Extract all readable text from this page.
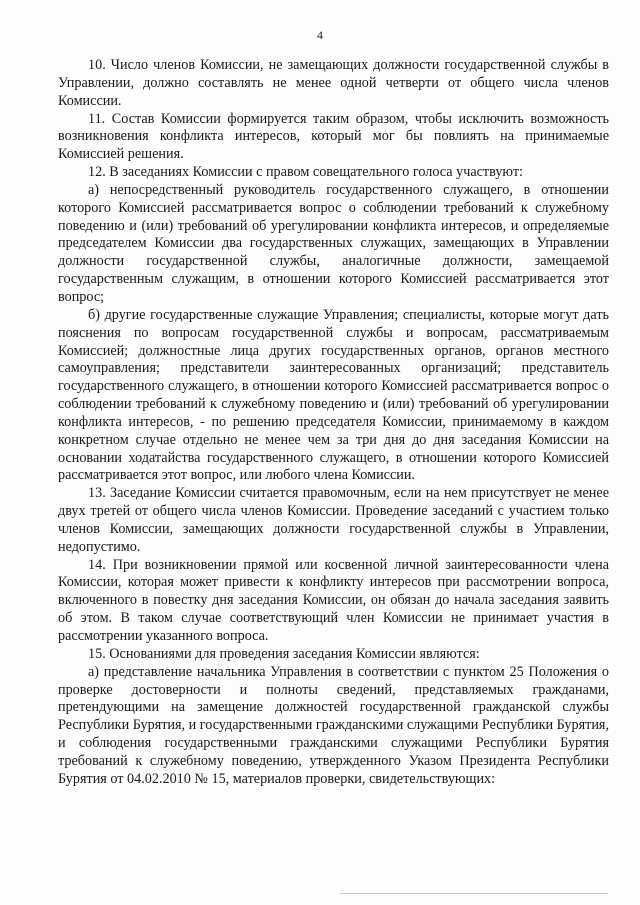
4

10. Число членов Комиссии, не замещающих должности государственной службы в Управлении, должно составлять не менее одной четверти от общего числа членов Комиссии.

11. Состав Комиссии формируется таким образом, чтобы исключить возможность возникновения конфликта интересов, который мог бы повлиять на принимаемые Комиссией решения.

12. В заседаниях Комиссии с правом совещательного голоса участвуют:

а) непосредственный руководитель государственного служащего, в отношении которого Комиссией рассматривается вопрос о соблюдении требований к служебному поведению и (или) требований об урегулировании конфликта интересов, и определяемые председателем Комиссии два государственных служащих, замещающих в Управлении должности государственной службы, аналогичные должности, замещаемой государственным служащим, в отношении которого Комиссией рассматривается этот вопрос;

б) другие государственные служащие Управления; специалисты, которые могут дать пояснения по вопросам государственной службы и вопросам, рассматриваемым Комиссией; должностные лица других государственных органов, органов местного самоуправления; представители заинтересованных организаций; представитель государственного служащего, в отношении которого Комиссией рассматривается вопрос о соблюдении требований к служебному поведению и (или) требований об урегулировании конфликта интересов, - по решению председателя Комиссии, принимаемому в каждом конкретном случае отдельно не менее чем за три дня до дня заседания Комиссии на основании ходатайства государственного служащего, в отношении которого Комиссией рассматривается этот вопрос, или любого члена Комиссии.

13. Заседание Комиссии считается правомочным, если на нем присутствует не менее двух третей от общего числа членов Комиссии. Проведение заседаний с участием только членов Комиссии, замещающих должности государственной службы в Управлении, недопустимо.

14. При возникновении прямой или косвенной личной заинтересованности члена Комиссии, которая может привести к конфликту интересов при рассмотрении вопроса, включенного в повестку дня заседания Комиссии, он обязан до начала заседания заявить об этом. В таком случае соответствующий член Комиссии не принимает участия в рассмотрении указанного вопроса.

15. Основаниями для проведения заседания Комиссии являются:

а) представление начальника Управления в соответствии с пунктом 25 Положения о проверке достоверности и полноты сведений, представляемых гражданами, претендующими на замещение должностей государственной гражданской службы Республики Бурятия, и государственными гражданскими служащими Республики Бурятия, и соблюдения государственными гражданскими служащими Республики Бурятия требований к служебному поведению, утвержденного Указом Президента Республики Бурятия от 04.02.2010 № 15, материалов проверки, свидетельствующих:
